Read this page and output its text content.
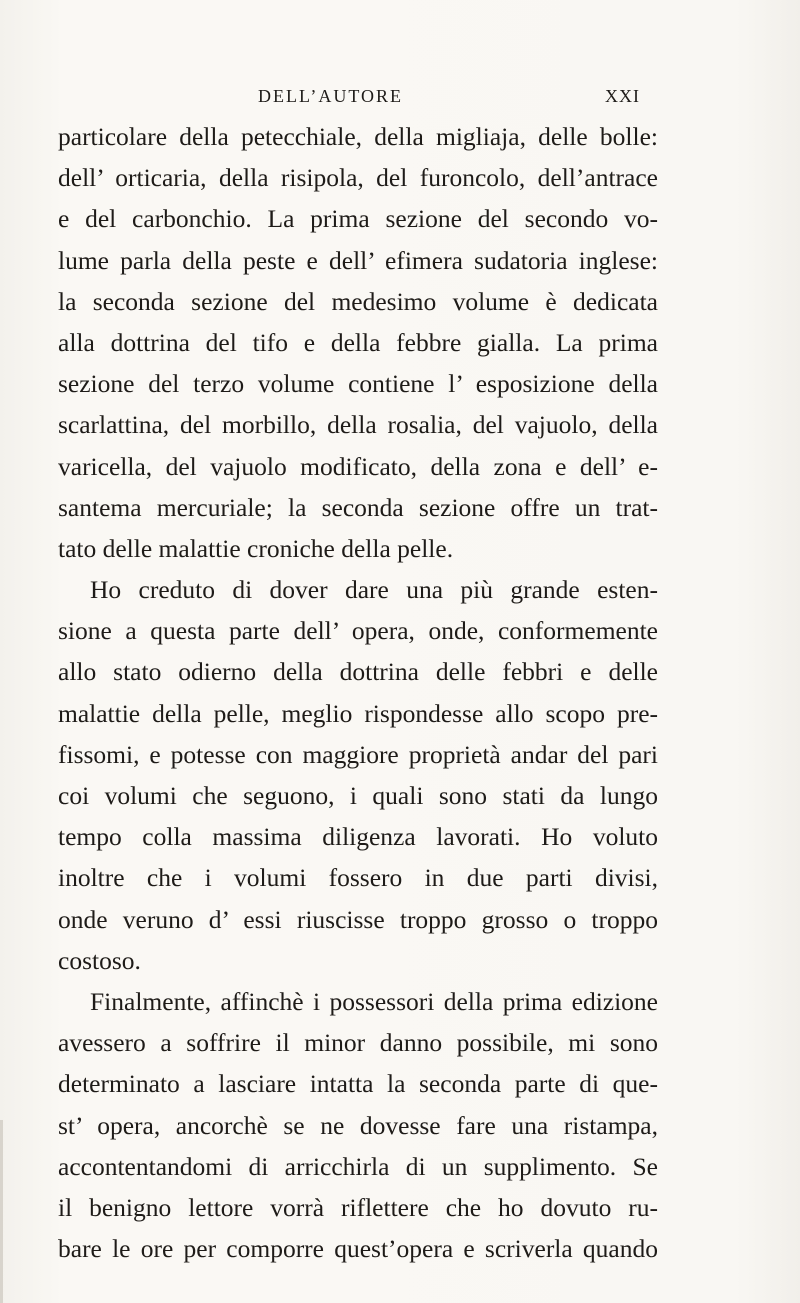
DELL’AUTORE	XXI
particolare della petecchiale, della migliaja, delle bolle:
dell’ orticaria, della risipola, del furoncolo, dell’antrace
e del carbonchio. La prima sezione del secondo vo-
lume parla della peste e dell’ efimera sudatoria inglese:
la seconda sezione del medesimo volume è dedicata
alla dottrina del tifo e della febbre gialla. La prima
sezione del terzo volume contiene l’ esposizione della
scarlattina, del morbillo, della rosalia, del vajuolo, della
varicella, del vajuolo modificato, della zona e dell’ e-
santema mercuriale; la seconda sezione offre un trat-
tato delle malattie croniche della pelle.
Ho creduto di dover dare una più grande esten-
sione a questa parte dell’ opera, onde, conformemente
allo stato odierno della dottrina delle febbri e delle
malattie della pelle, meglio rispondesse allo scopo pre-
fissomi, e potesse con maggiore proprietà andar del pari
coi volumi che seguono, i quali sono stati da lungo
tempo colla massima diligenza lavorati. Ho voluto
inoltre che i volumi fossero in due parti divisi,
onde veruno d’ essi riuscisse troppo grosso o troppo
costoso.
Finalmente, affinchè i possessori della prima edizione
avessero a soffrire il minor danno possibile, mi sono
determinato a lasciare intatta la seconda parte di que-
st’ opera, ancorchè se ne dovesse fare una ristampa,
accontentandomi di arricchirla di un supplimento. Se
il benigno lettore vorrà riflettere che ho dovuto ru-
bare le ore per comporre quest’opera e scriverla quando
